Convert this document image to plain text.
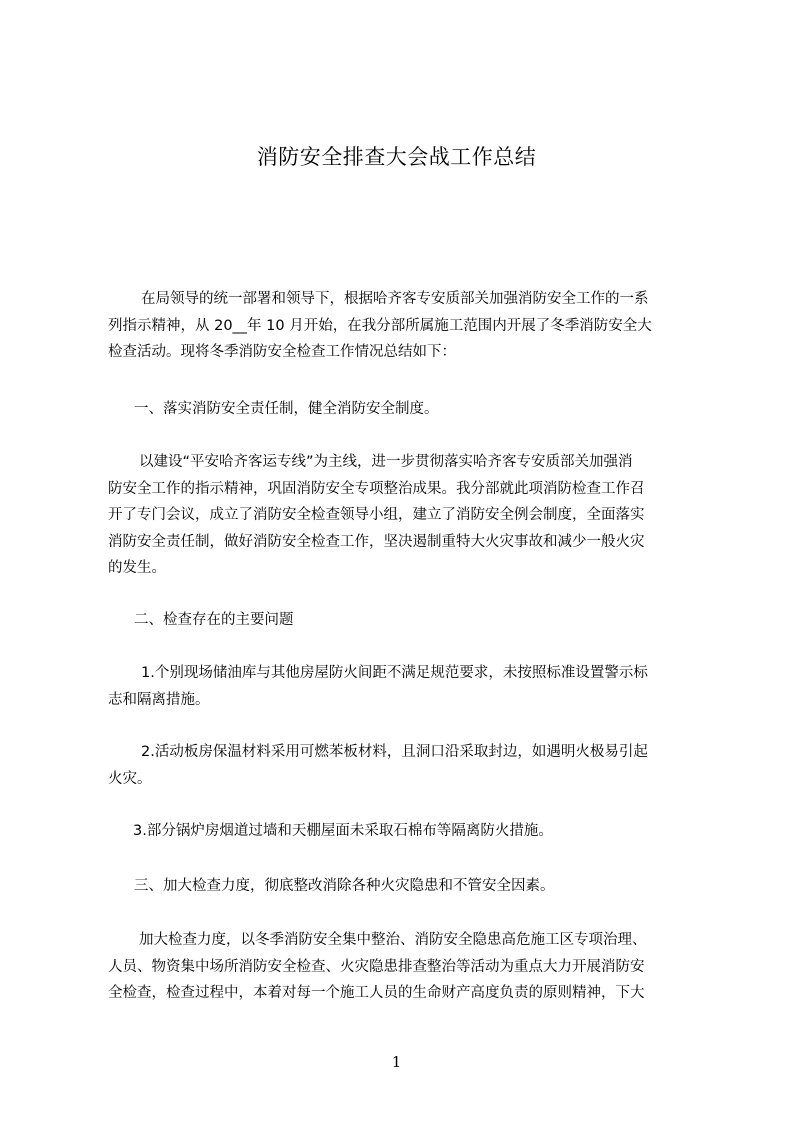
消防安全排查大会战工作总结
在局领导的统一部署和领导下，根据哈齐客专安质部关加强消防安全工作的一系
列指示精神，从 20__年 10 月开始，在我分部所属施工范围内开展了冬季消防安全大
检查活动。现将冬季消防安全检查工作情况总结如下：
一、落实消防安全责任制，健全消防安全制度。
以建设“平安哈齐客运专线”为主线，进一步贯彻落实哈齐客专安质部关加强消
防安全工作的指示精神，巩固消防安全专项整治成果。我分部就此项消防检查工作召
开了专门会议，成立了消防安全检查领导小组，建立了消防安全例会制度，全面落实
消防安全责任制，做好消防安全检查工作，坚决遏制重特大火灾事故和减少一般火灾
的发生。
二、检查存在的主要问题
1.个别现场储油库与其他房屋防火间距不满足规范要求，未按照标准设置警示标
志和隔离措施。
2.活动板房保温材料采用可燃苯板材料，且洞口沿采取封边，如遇明火极易引起
火灾。
3.部分锅炉房烟道过墙和天棚屋面未采取石棉布等隔离防火措施。
三、加大检查力度，彻底整改消除各种火灾隐患和不管安全因素。
加大检查力度，以冬季消防安全集中整治、消防安全隐患高危施工区专项治理、
人员、物资集中场所消防安全检查、火灾隐患排查整治等活动为重点大力开展消防安
全检查，检查过程中，本着对每一个施工人员的生命财产高度负责的原则精神，下大
1
